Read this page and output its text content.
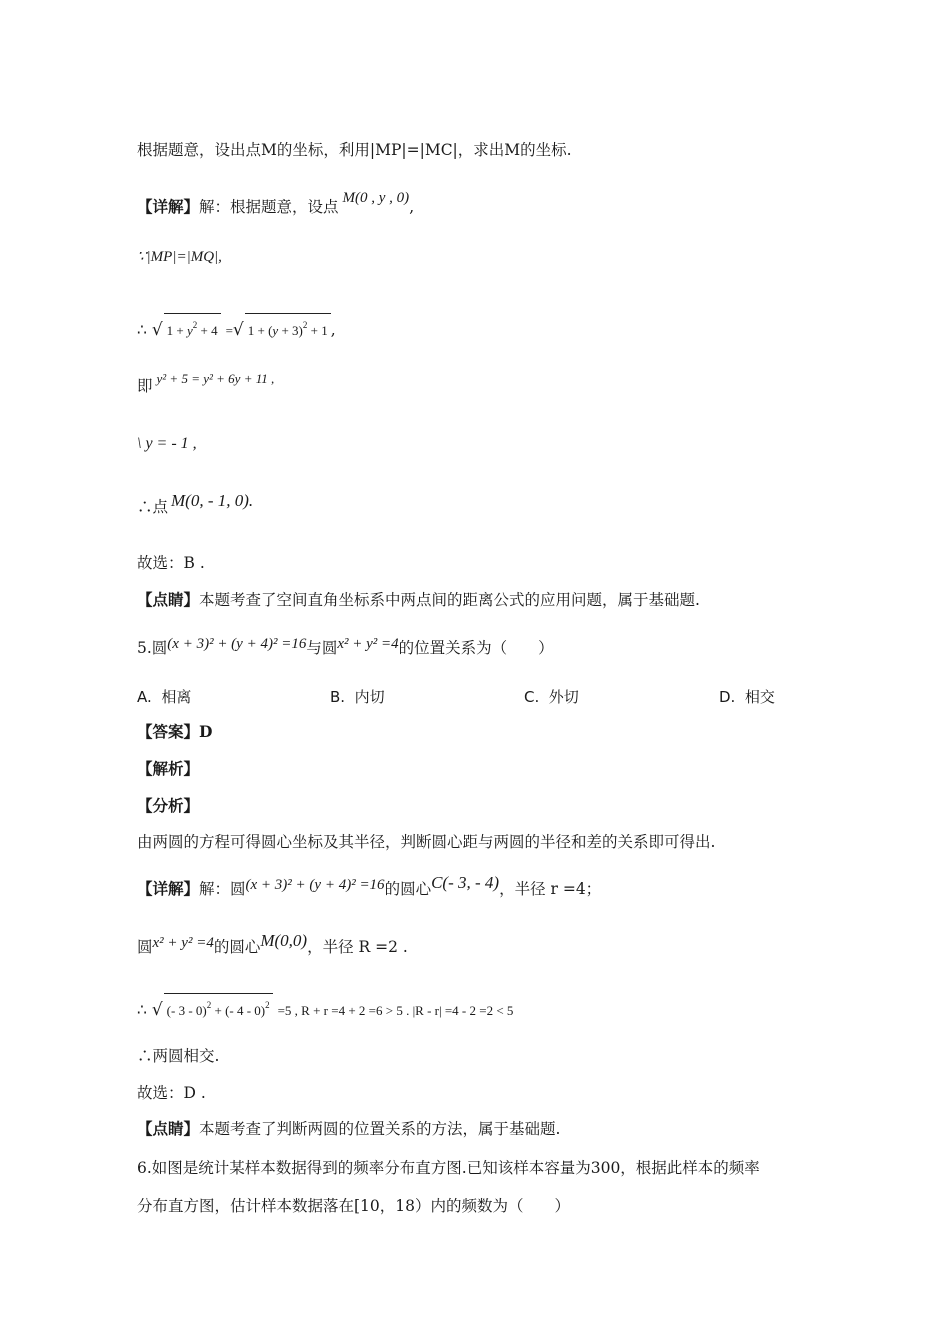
根据题意，设出点M的坐标，利用|MP|=|MC|，求出M的坐标.
【详解】解：根据题意，设点 M(0 , y , 0),
∵|MP|=|MQ|,
∴ √ $1 + y^2 + 4$ =√ $1 + (y + 3)^2 + 1$ ,
即 $^{y^2 + 5 = y^2 + 6y + 11 ,}$
\ y = - 1 ,
∴点 M(0, - 1, 0).
故选：B .
【点睛】本题考查了空间直角坐标系中两点间的距离公式的应用问题，属于基础题.
5.圆(x + 3)² + (y + 4)² =16与圆x² + y² =4的位置关系为（　　）
A. 相离	B. 内切	C. 外切	D. 相交
【答案】D
【解析】
【分析】
由两圆的方程可得圆心坐标及其半径，判断圆心距与两圆的半径和差的关系即可得出.
【详解】解：圆(x + 3)² + (y + 4)² =16的圆心C(- 3, - 4)，半径 r =4；
圆x² + y² =4的圆心M(0,0)，半径 R =2 .
∴ √ (- 3 - 0)$^2$ + (- 4 - 0)$^2$ =5 , R + r =4 + 2 =6 > 5 . |R - r| =4 - 2 =2 < 5
∴两圆相交.
故选：D .
【点睛】本题考查了判断两圆的位置关系的方法，属于基础题.
6.如图是统计某样本数据得到的频率分布直方图.已知该样本容量为300，根据此样本的频率
分布直方图，估计样本数据落在[10，18）内的频数为（　　）
